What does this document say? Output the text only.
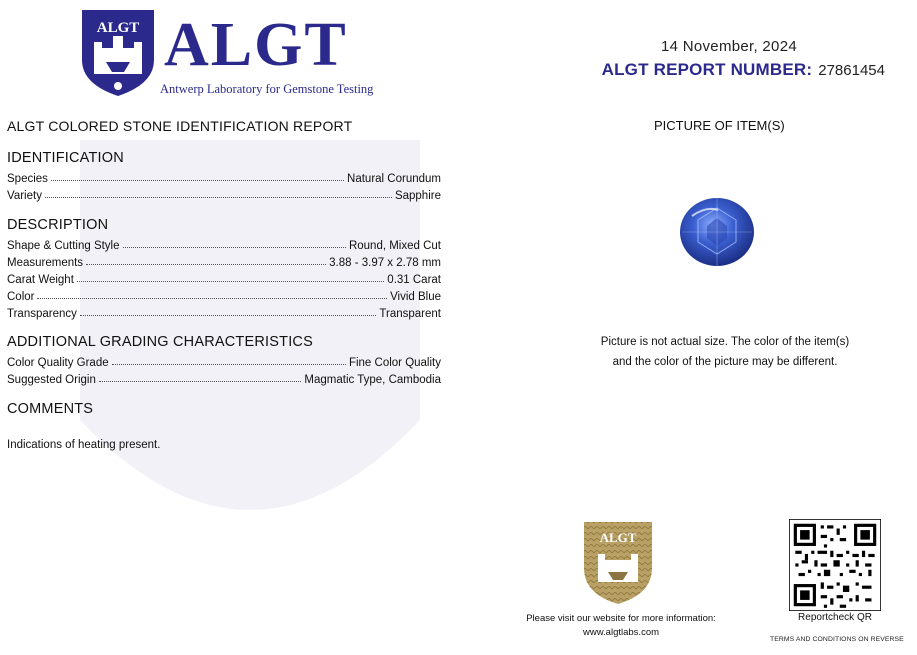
ALGT ALGT
Antwerp Laboratory for Gemstone Testing
14 November, 2024
ALGT REPORT NUMBER: 27861454
ALGT COLORED STONE IDENTIFICATION REPORT	PICTURE OF ITEM(S)
IDENTIFICATION
Species	Natural Corundum
Variety	Sapphire
DESCRIPTION
Shape & Cutting Style	Round, Mixed Cut
Measurements	3.88 - 3.97 x 2.78 mm
Carat Weight	0.31 Carat
Color	Vivid Blue
Transparency	Transparent
ADDITIONAL GRADING CHARACTERISTICS
Color Quality Grade	Fine Color Quality
Suggested Origin	Magmatic Type, Cambodia
COMMENTS
Indications of heating present.
Picture is not actual size. The color of the item(s)
and the color of the picture may be different.
ALGT
Please visit our website for more information:
www.algtlabs.com
Reportcheck QR
TERMS AND CONDITIONS ON REVERSE
